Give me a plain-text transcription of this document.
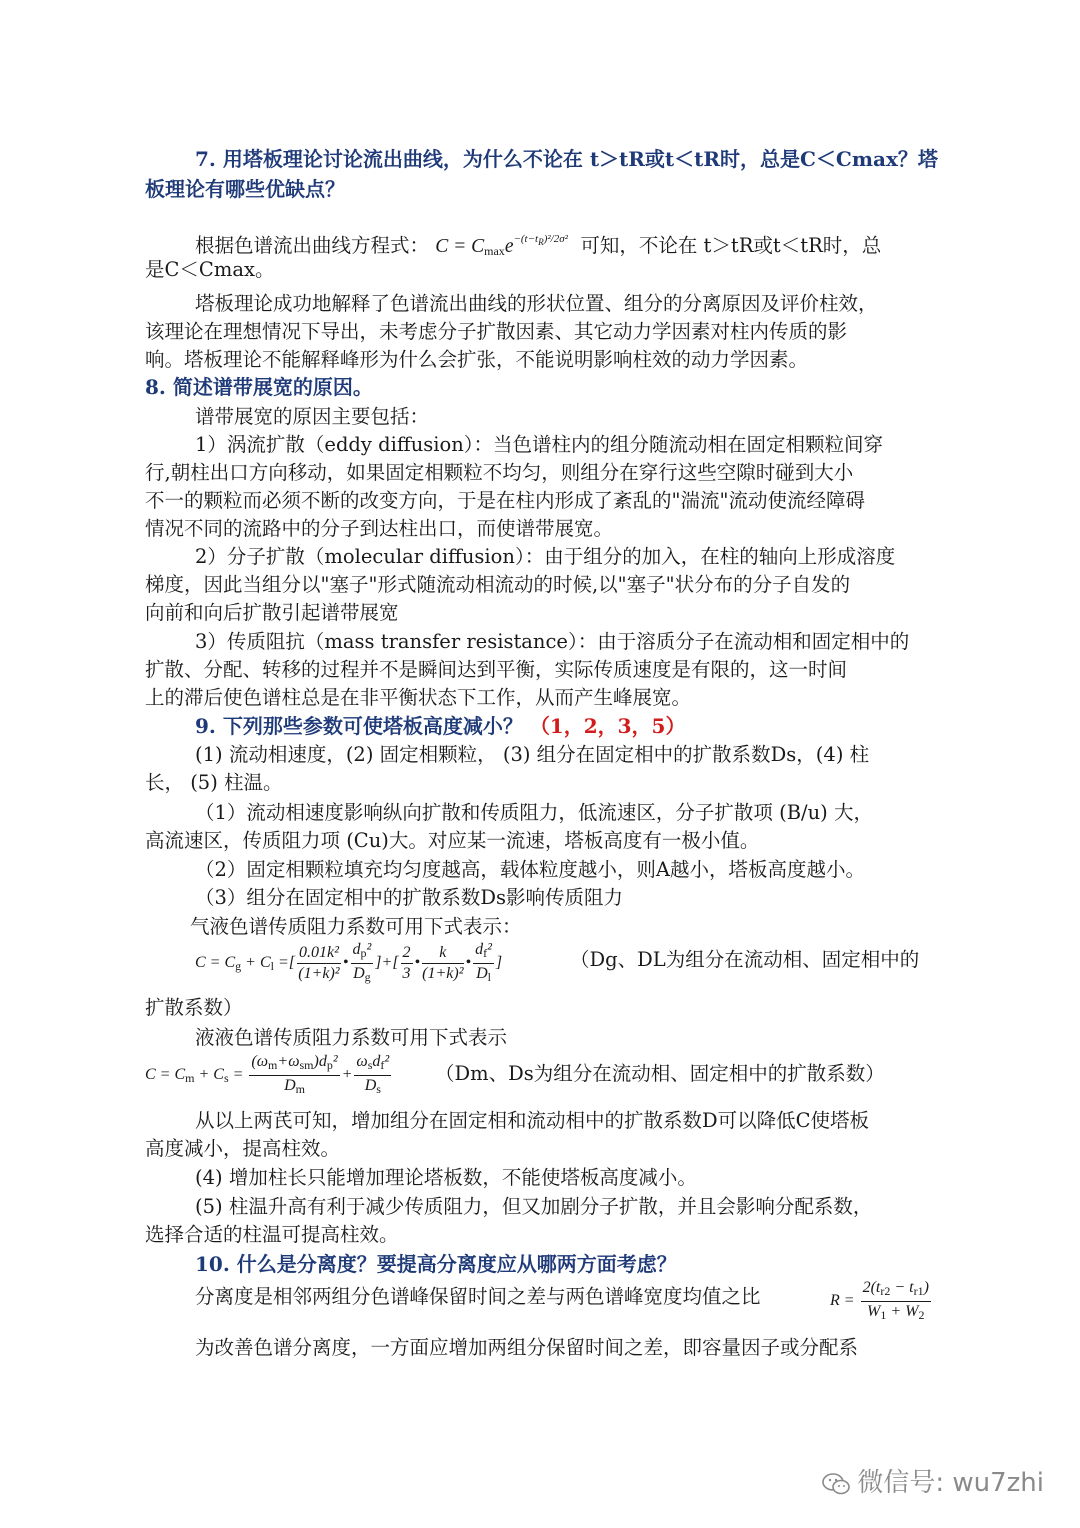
7. 用塔板理论讨论流出曲线，为什么不论在 t＞tR或t＜tR时，总是C＜Cmax？塔
板理论有哪些优缺点？
根据色谱流出曲线方程式： $C = C_{max}e^{-(t-t_R)^2/2\sigma^2}$ 可知，不论在 t＞tR或t＜tR时，总
是C＜Cmax。
塔板理论成功地解释了色谱流出曲线的形状位置、组分的分离原因及评价柱效，
该理论在理想情况下导出，未考虑分子扩散因素、其它动力学因素对柱内传质的影
响。塔板理论不能解释峰形为什么会扩张，不能说明影响柱效的动力学因素。
8. 简述谱带展宽的原因。
谱带展宽的原因主要包括：
1）涡流扩散（eddy diffusion）：当色谱柱内的组分随流动相在固定相颗粒间穿
行,朝柱出口方向移动，如果固定相颗粒不均匀，则组分在穿行这些空隙时碰到大小
不一的颗粒而必须不断的改变方向，于是在柱内形成了紊乱的"湍流"流动使流经障碍
情况不同的流路中的分子到达柱出口，而使谱带展宽。
2）分子扩散（molecular diffusion）：由于组分的加入，在柱的轴向上形成溶度
梯度，因此当组分以"塞子"形式随流动相流动的时候,以"塞子"状分布的分子自发的
向前和向后扩散引起谱带展宽
3）传质阻抗（mass transfer resistance）：由于溶质分子在流动相和固定相中的
扩散、分配、转移的过程并不是瞬间达到平衡，实际传质速度是有限的，这一时间
上的滞后使色谱柱总是在非平衡状态下工作，从而产生峰展宽。
9. 下列那些参数可使塔板高度减小？ （1，2，3，5）
(1) 流动相速度，(2) 固定相颗粒， (3) 组分在固定相中的扩散系数Ds，(4) 柱
长， (5) 柱温。
（1）流动相速度影响纵向扩散和传质阻力，低流速区，分子扩散项 (B/u) 大，
高流速区，传质阻力项 (Cu)大。对应某一流速，塔板高度有一极小值。
（2）固定相颗粒填充均匀度越高，载体粒度越小，则A越小，塔板高度越小。
（3）组分在固定相中的扩散系数Ds影响传质阻力
气液色谱传质阻力系数可用下式表示：
$C = C_g + C_l$ =[ $\frac{\text{0.01k²}}{\text{(1+k)²}}$ • $\frac{d_p^2}{D_g}$ ]+[ $\frac{2}{3}$ • $\frac{k}{\text{(1+k)²}}$ • $\frac{d_f^2}{D_l}$ ]	（Dg、DL为组分在流动相、固定相中的
扩散系数）
液液色谱传质阻力系数可用下式表示
$C = C_m + C_s = \frac{(\omega_m+\omega_{sm})d_p^2}{D_m} + \frac{\omega_sd_f^2}{D_s} (Dm$、Ds为组分在流动相、固定相中的扩散系数）
从以上两芪可知，增加组分在固定相和流动相中的扩散系数D可以降低C使塔板
高度减小，提高柱效。
(4) 增加柱长只能增加理论塔板数，不能使塔板高度减小。
(5) 柱温升高有利于减少传质阻力，但又加剧分子扩散，并且会影响分配系数，
选择合适的柱温可提高柱效。
10. 什么是分离度？要提高分离度应从哪两方面考虑？
分离度是相邻两组分色谱峰保留时间之差与两色谱峰宽度均值之比	$R = \frac{2(t_{r2} - t_{r1})}{W_1 + W_2}$
为改善色谱分离度，一方面应增加两组分保留时间之差，即容量因子或分配系
微信号: wu7zhi
